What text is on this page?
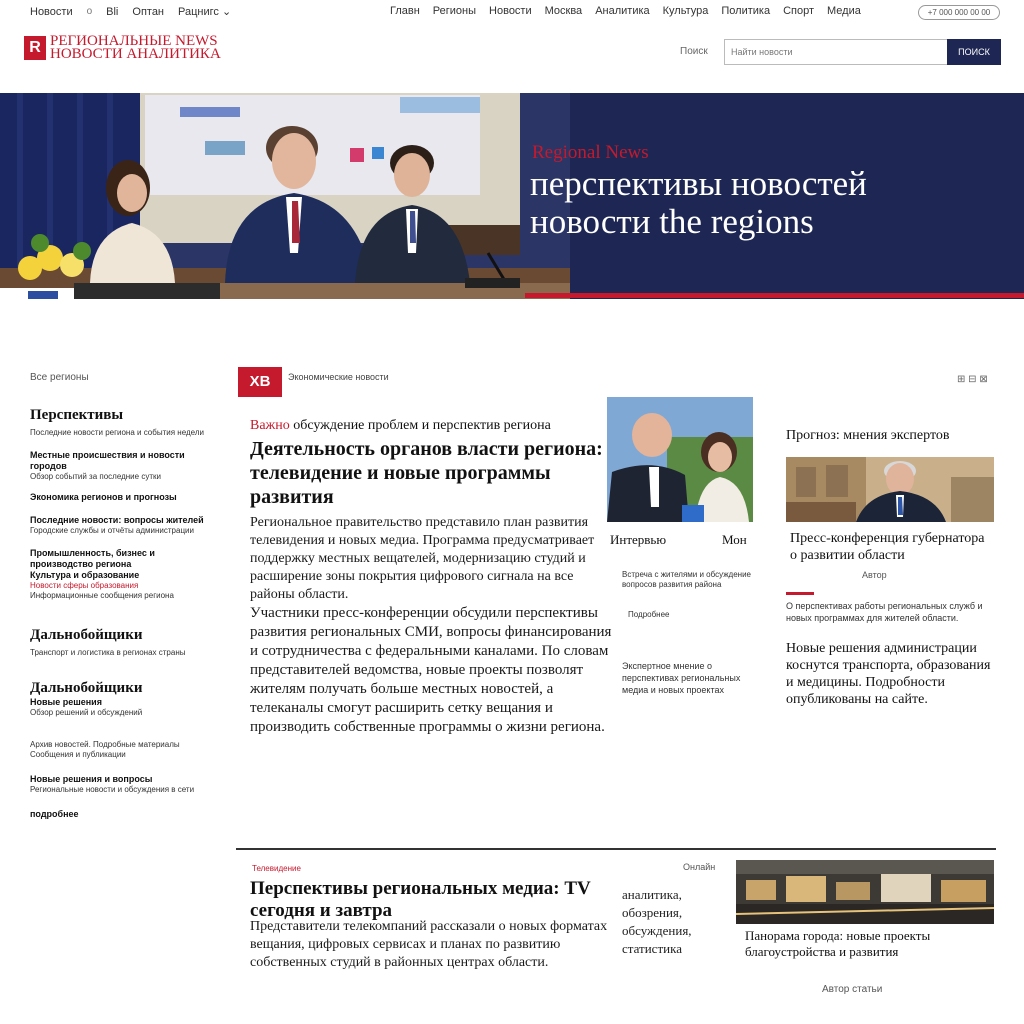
Новости o Bli Оптан Рацнигс ⌄	Главн Регионы Новости Москва Аналитика Культура Политика Спорт Медиа	+7 000 000 00 00
R РЕГИОНАЛЬНЫЕ NEWS
НОВОСТИ АНАЛИТИКА	Поиск	Найти новости	ПОИСК
Regional News
перспективы новостей
новости the regions
Все регионы
Перспективы
Последние новости региона и события недели
Местные происшествия и новости городов
Обзор событий за последние сутки
Экономика регионов и прогнозы
Последние новости: вопросы жителей
Городские службы и отчёты администрации
Промышленность, бизнес и производство региона
Культура и образование
Новости сферы образования
Информационные сообщения региона
Дальнобойщики
Транспорт и логистика в регионах страны
Дальнобойщики
Новые решения
Обзор решений и обсуждений
Архив новостей. Подробные материалы
Сообщения и публикации
Новые решения и вопросы
Региональные новости и обсуждения в сети
подробнее
ХВ	Экономические новости
Важно обсуждение проблем и перспектив региона
Деятельность органов власти региона: телевидение и новые программы развития
Региональное правительство представило план развития телевидения и новых медиа. Программа предусматривает поддержку местных вещателей, модернизацию студий и расширение зоны покрытия цифрового сигнала на все районы области.
Участники пресс-конференции обсудили перспективы развития региональных СМИ, вопросы финансирования и сотрудничества с федеральными каналами. По словам представителей ведомства, новые проекты позволят жителям получать больше местных новостей, а телеканалы смогут расширить сетку вещания и производить собственные программы о жизни региона.
Интервью	Мон
Встреча с жителями и обсуждение вопросов развития района
Подробнее
Экспертное мнение о перспективах региональных медиа и новых проектах
⊞ ⊟ ⊠
Прогноз: мнения экспертов
Пресс-конференция губернатора о развитии области
Автор
О перспективах работы региональных служб и новых программах для жителей области.
Новые решения администрации коснутся транспорта, образования и медицины. Подробности опубликованы на сайте.
Телевидение
Перспективы региональных медиа: TV сегодня и завтра
Представители телекомпаний рассказали о новых форматах вещания, цифровых сервисах и планах по развитию собственных студий в районных центрах области.
Онлайн
аналитика, обозрения, обсуждения, статистика
Панорама города: новые проекты благоустройства и развития
Автор статьи
